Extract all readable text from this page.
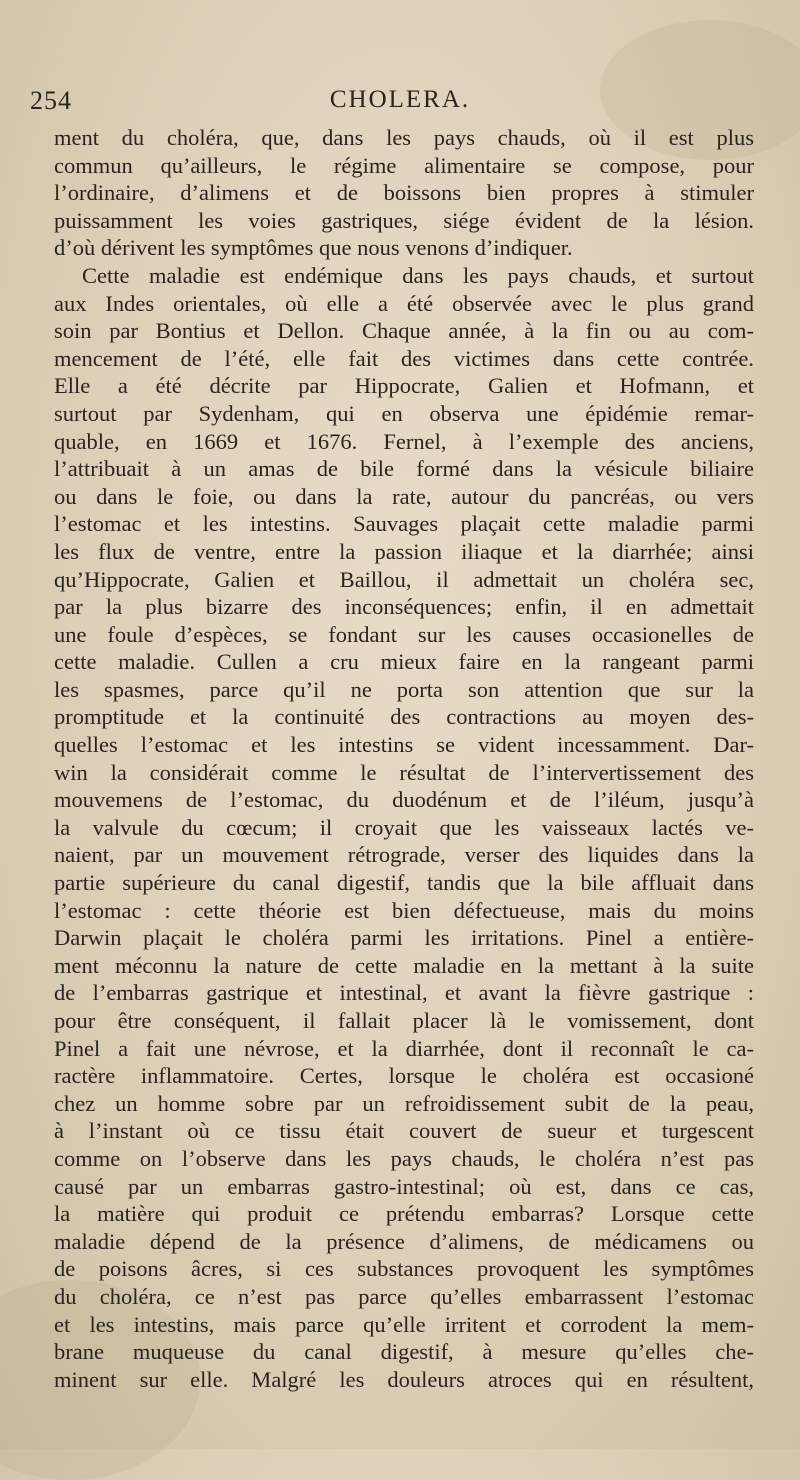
254	CHOLERA.
ment du choléra, que, dans les pays chauds, où il est plus
commun qu’ailleurs, le régime alimentaire se compose, pour
l’ordinaire, d’alimens et de boissons bien propres à stimuler
puissamment les voies gastriques, siége évident de la lésion.
d’où dérivent les symptômes que nous venons d’indiquer.
Cette maladie est endémique dans les pays chauds, et surtout
aux Indes orientales, où elle a été observée avec le plus grand
soin par Bontius et Dellon. Chaque année, à la fin ou au com-
mencement de l’été, elle fait des victimes dans cette contrée.
Elle a été décrite par Hippocrate, Galien et Hofmann, et
surtout par Sydenham, qui en observa une épidémie remar-
quable, en 1669 et 1676. Fernel, à l’exemple des anciens,
l’attribuait à un amas de bile formé dans la vésicule biliaire
ou dans le foie, ou dans la rate, autour du pancréas, ou vers
l’estomac et les intestins. Sauvages plaçait cette maladie parmi
les flux de ventre, entre la passion iliaque et la diarrhée; ainsi
qu’Hippocrate, Galien et Baillou, il admettait un choléra sec,
par la plus bizarre des inconséquences; enfin, il en admettait
une foule d’espèces, se fondant sur les causes occasionelles de
cette maladie. Cullen a cru mieux faire en la rangeant parmi
les spasmes, parce qu’il ne porta son attention que sur la
promptitude et la continuité des contractions au moyen des-
quelles l’estomac et les intestins se vident incessamment. Dar-
win la considérait comme le résultat de l’intervertissement des
mouvemens de l’estomac, du duodénum et de l’iléum, jusqu’à
la valvule du cœcum; il croyait que les vaisseaux lactés ve-
naient, par un mouvement rétrograde, verser des liquides dans la
partie supérieure du canal digestif, tandis que la bile affluait dans
l’estomac : cette théorie est bien défectueuse, mais du moins
Darwin plaçait le choléra parmi les irritations. Pinel a entière-
ment méconnu la nature de cette maladie en la mettant à la suite
de l’embarras gastrique et intestinal, et avant la fièvre gastrique :
pour être conséquent, il fallait placer là le vomissement, dont
Pinel a fait une névrose, et la diarrhée, dont il reconnaît le ca-
ractère inflammatoire. Certes, lorsque le choléra est occasioné
chez un homme sobre par un refroidissement subit de la peau,
à l’instant où ce tissu était couvert de sueur et turgescent
comme on l’observe dans les pays chauds, le choléra n’est pas
causé par un embarras gastro-intestinal; où est, dans ce cas,
la matière qui produit ce prétendu embarras? Lorsque cette
maladie dépend de la présence d’alimens, de médicamens ou
de poisons âcres, si ces substances provoquent les symptômes
du choléra, ce n’est pas parce qu’elles embarrassent l’estomac
et les intestins, mais parce qu’elle irritent et corrodent la mem-
brane muqueuse du canal digestif, à mesure qu’elles che-
minent sur elle. Malgré les douleurs atroces qui en résultent,
